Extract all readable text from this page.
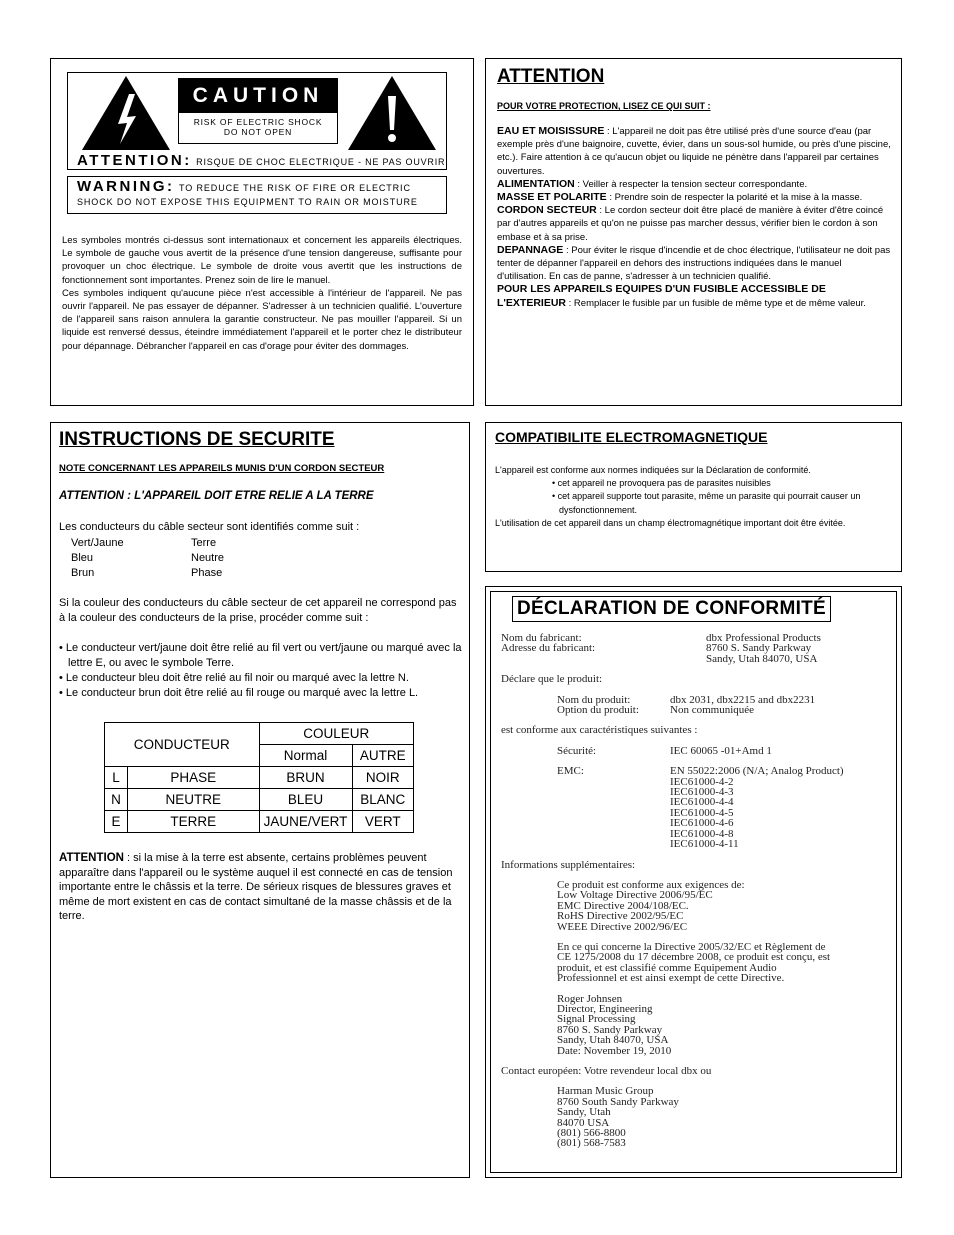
CAUTION
RISK OF ELECTRIC SHOCK
DO NOT OPEN
ATTENTION: RISQUE DE CHOC ELECTRIQUE - NE PAS OUVRIR
WARNING: TO REDUCE THE RISK OF FIRE OR ELECTRIC
SHOCK DO NOT EXPOSE THIS EQUIPMENT TO RAIN OR MOISTURE

Les symboles montrés ci-dessus sont internationaux et concernent les appareils électriques. Le symbole de gauche vous avertit de la présence d'une tension dangereuse, suffisante pour provoquer un choc électrique. Le symbole de droite vous avertit que les instructions de fonctionnement sont importantes. Prenez soin de lire le manuel.

Ces symboles indiquent qu'aucune pièce n'est accessible à l'intérieur de l'appareil. Ne pas ouvrir l'appareil. Ne pas essayer de dépanner. S'adresser à un technicien qualifié. L'ouverture de l'appareil sans raison annulera la garantie constructeur. Ne pas mouiller l'appareil. Si un liquide est renversé dessus, éteindre immédiatement l'appareil et le porter chez le distributeur pour dépannage. Débrancher l'appareil en cas d'orage pour éviter des dommages.

ATTENTION
POUR VOTRE PROTECTION, LISEZ CE QUI SUIT :

EAU ET MOISISSURE : L'appareil ne doit pas être utilisé près d'une source d'eau (par exemple près d'une baignoire, cuvette, évier, dans un sous-sol humide, ou près d'une piscine, etc.). Faire attention à ce qu'aucun objet ou liquide ne pénètre dans l'appareil par certaines ouvertures.

ALIMENTATION : Veiller à respecter la tension secteur correspondante.

MASSE ET POLARITE : Prendre soin de respecter la polarité et la mise à la masse.

CORDON SECTEUR : Le cordon secteur doit être placé de manière à éviter d'être coincé par d'autres appareils et qu'on ne puisse pas marcher dessus, vérifier bien le cordon à son embase et à sa prise.

DEPANNAGE : Pour éviter le risque d'incendie et de choc électrique, l'utilisateur ne doit pas tenter de dépanner l'appareil en dehors des instructions indiquées dans le manuel d'utilisation. En cas de panne, s'adresser à un technicien qualifié.

POUR LES APPAREILS EQUIPES D'UN FUSIBLE ACCESSIBLE DE L'EXTERIEUR : Remplacer le fusible par un fusible de même type et de même valeur.

INSTRUCTIONS DE SECURITE
NOTE CONCERNANT LES APPAREILS MUNIS D'UN CORDON SECTEUR
ATTENTION : L'APPAREIL DOIT ETRE RELIE A LA TERRE
Les conducteurs du câble secteur sont identifiés comme suit :
Vert/Jaune	Terre
Bleu	Neutre
Brun	Phase
Si la couleur des conducteurs du câble secteur de cet appareil ne correspond pas à la couleur des conducteurs de la prise, procéder comme suit :

• Le conducteur vert/jaune doit être relié au fil vert ou vert/jaune ou marqué avec la lettre E, ou avec le symbole Terre.

• Le conducteur bleu doit être relié au fil noir ou marqué avec la lettre N.

• Le conducteur brun doit être relié au fil rouge ou marqué avec la lettre L.

CONDUCTEUR		COULEUR	
		Normal	AUTRE
L	PHASE	BRUN	NOIR
N	NEUTRE	BLEU	BLANC
E	TERRE	JAUNE/VERT	VERT
ATTENTION : si la mise à la terre est absente, certains problèmes peuvent apparaître dans l'appareil ou le système auquel il est connecté en cas de tension importante entre le châssis et la terre. De sérieux risques de blessures graves et même de mort existent en cas de contact simultané de la masse châssis et de la terre.
COMPATIBILITE ELECTROMAGNETIQUE

L'appareil est conforme aux normes indiquées sur la Déclaration de conformité.

• cet appareil ne provoquera pas de parasites nuisibles

• cet appareil supporte tout parasite, même un parasite qui pourrait causer un

dysfonctionnement.

L'utilisation de cet appareil dans un champ électromagnétique important doit être évitée.

DÉCLARATION DE CONFORMITÉ
Nom du fabricant:	dbx Professional Products
Adresse du fabricant:	8760 S. Sandy Parkway
Sandy, Utah 84070, USA
Déclare que le produit:
Nom du produit:	dbx 2031, dbx2215 and dbx2231
Option du produit:	Non communiquée
est conforme aux caractéristiques suivantes :
Sécurité:	IEC 60065 -01+Amd 1
EMC:	EN 55022:2006 (N/A; Analog Product)
IEC61000-4-2
IEC61000-4-3
IEC61000-4-4
IEC61000-4-5
IEC61000-4-6
IEC61000-4-8
IEC61000-4-11
Informations supplémentaires:
Ce produit est conforme aux exigences de:
Low Voltage Directive 2006/95/EC
EMC Directive 2004/108/EC.
RoHS Directive 2002/95/EC
WEEE Directive 2002/96/EC
En ce qui concerne la Directive 2005/32/EC et Règlement de
CE 1275/2008 du 17 décembre 2008, ce produit est conçu, est
produit, et est classifié comme Equipement Audio
Professionnel et est ainsi exempt de cette Directive.
Roger Johnsen
Director, Engineering
Signal Processing
8760 S. Sandy Parkway
Sandy, Utah 84070, USA
Date: November 19, 2010
Contact européen: Votre revendeur local dbx ou
Harman Music Group
8760 South Sandy Parkway
Sandy, Utah
84070 USA
(801) 566-8800
(801) 568-7583
